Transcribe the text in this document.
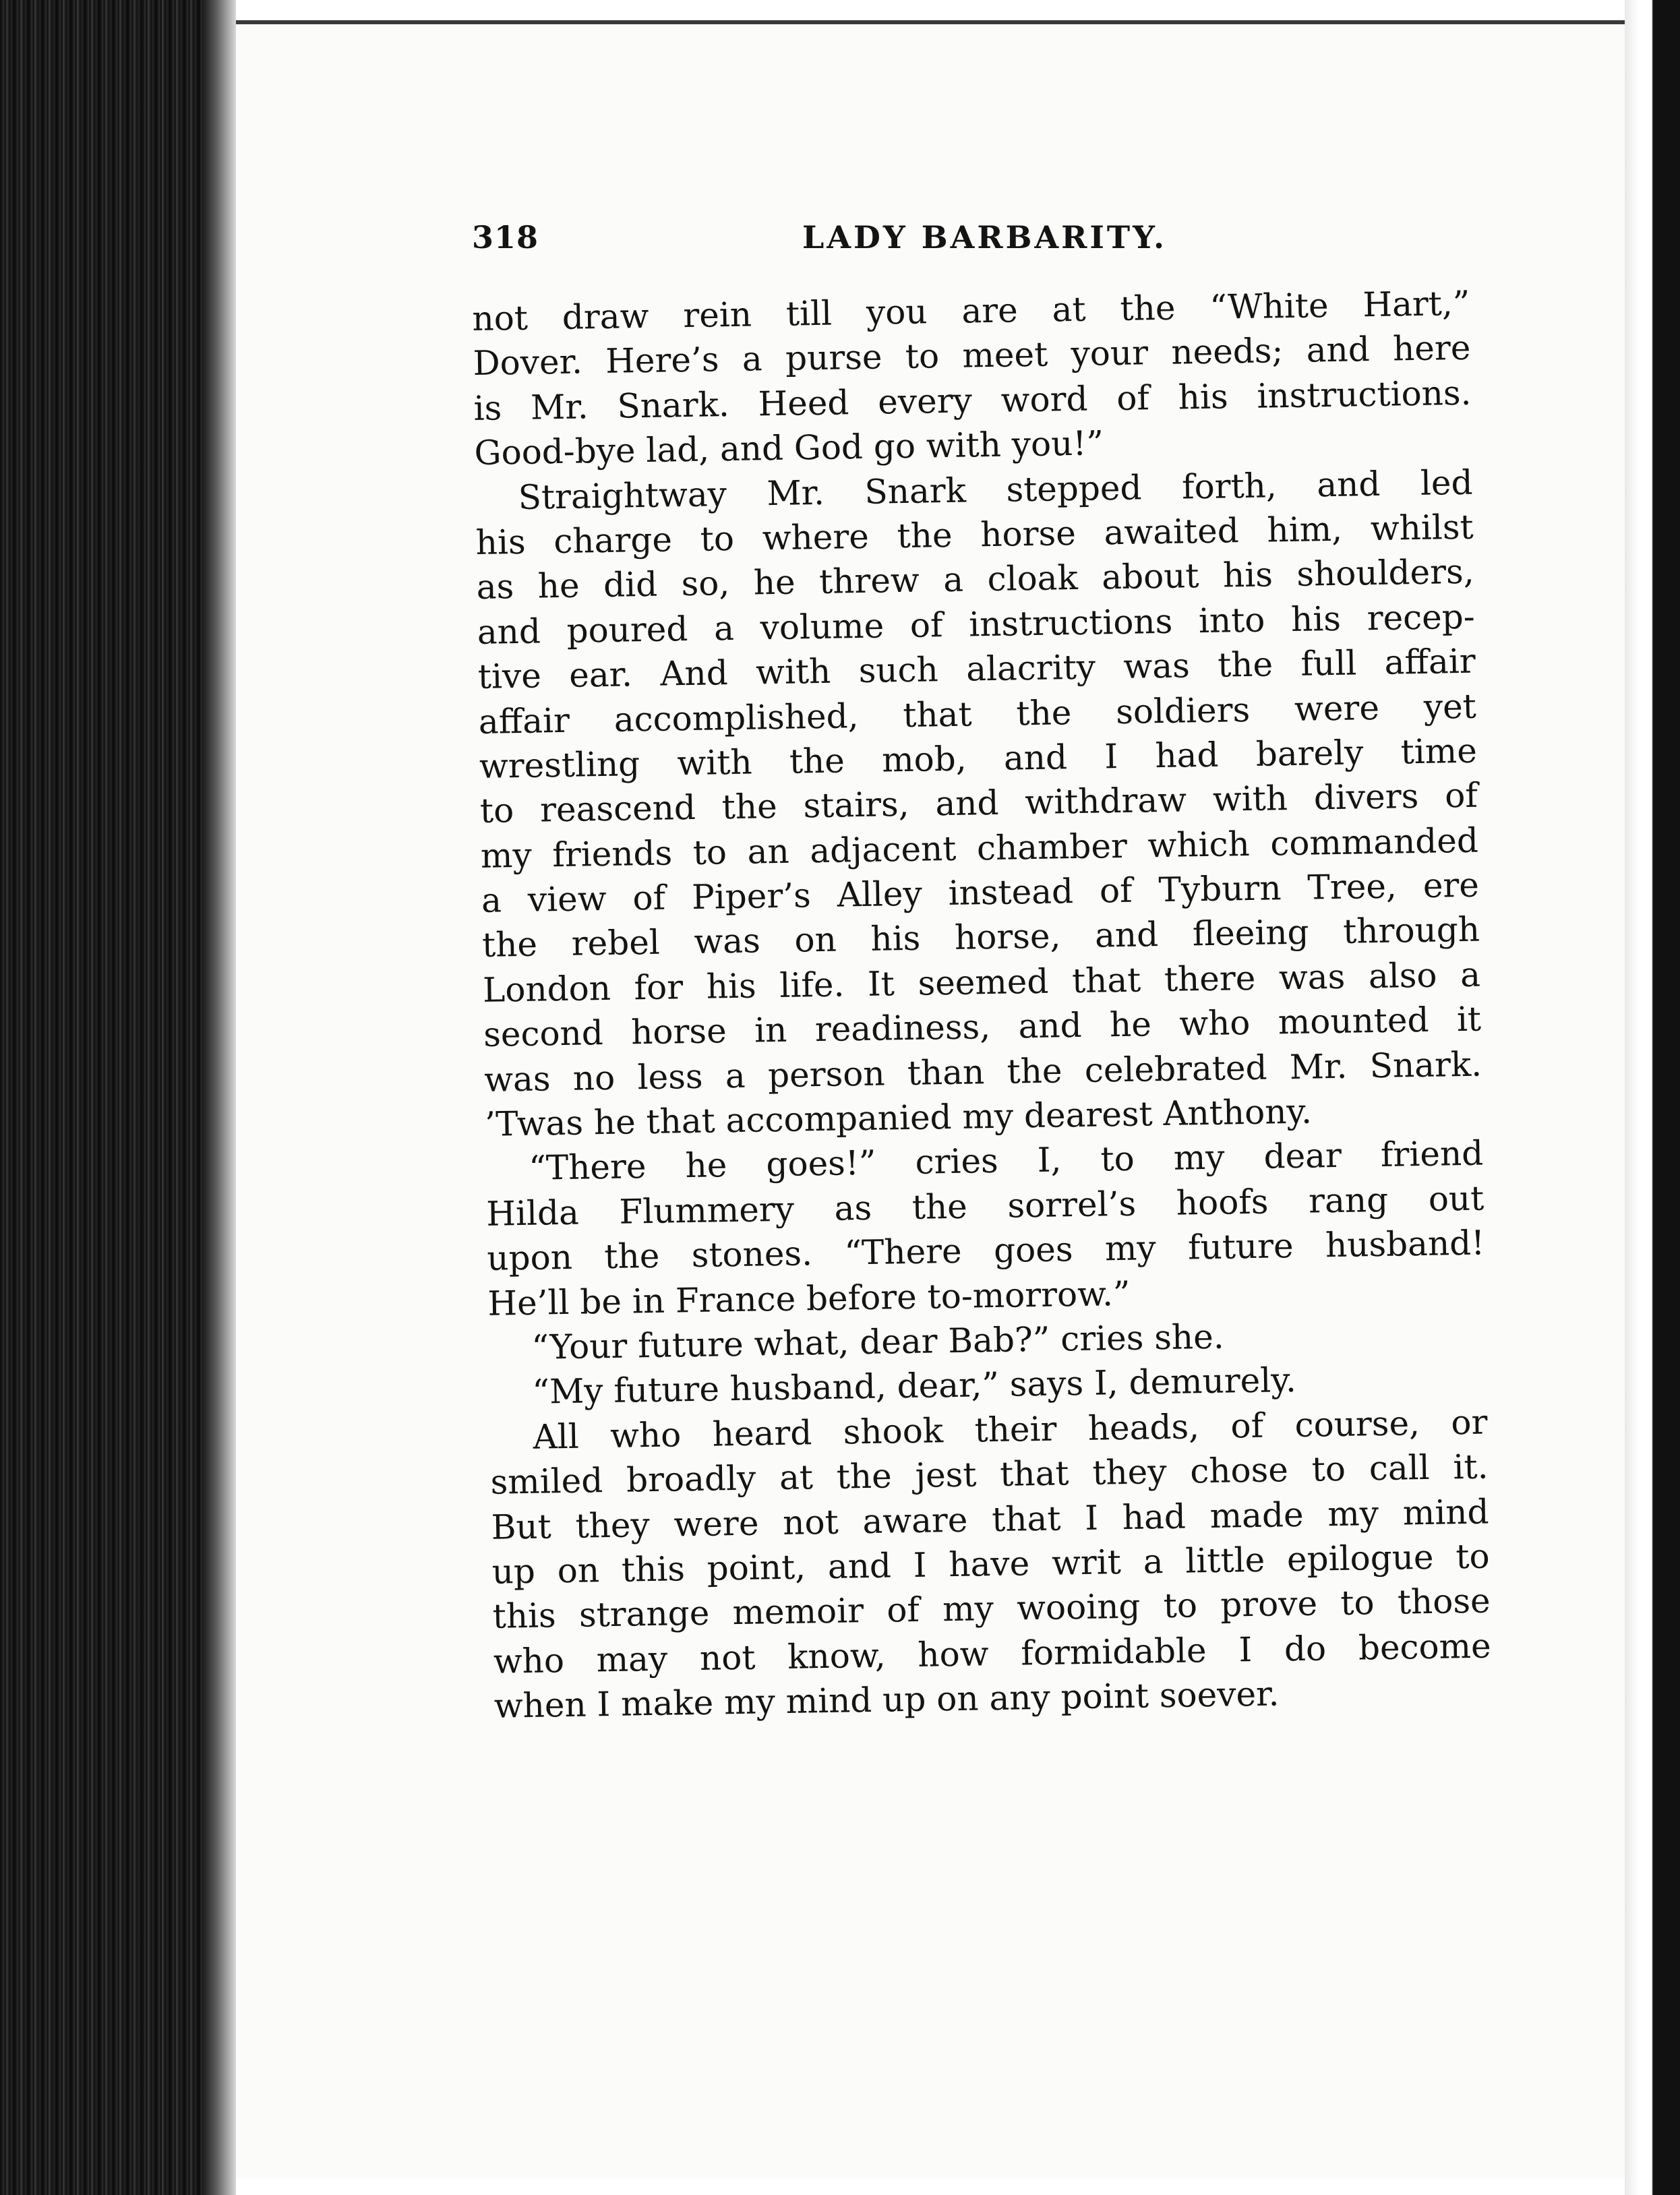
318	LADY BARBARITY.
not draw rein till you are at the “White Hart,”
Dover. Here’s a purse to meet your needs; and here
is Mr. Snark. Heed every word of his instructions.
Good-bye lad, and God go with you!”
Straightway Mr. Snark stepped forth, and led
his charge to where the horse awaited him, whilst
as he did so, he threw a cloak about his shoulders,
and poured a volume of instructions into his recep-
tive ear. And with such alacrity was the full affair
affair accomplished, that the soldiers were yet
wrestling with the mob, and I had barely time
to reascend the stairs, and withdraw with divers of
my friends to an adjacent chamber which commanded
a view of Piper’s Alley instead of Tyburn Tree, ere
the rebel was on his horse, and fleeing through
London for his life. It seemed that there was also a
second horse in readiness, and he who mounted it
was no less a person than the celebrated Mr. Snark.
’Twas he that accompanied my dearest Anthony.
“There he goes!” cries I, to my dear friend
Hilda Flummery as the sorrel’s hoofs rang out
upon the stones. “There goes my future husband!
He’ll be in France before to-morrow.”
“Your future what, dear Bab?” cries she.
“My future husband, dear,” says I, demurely.
All who heard shook their heads, of course, or
smiled broadly at the jest that they chose to call it.
But they were not aware that I had made my mind
up on this point, and I have writ a little epilogue to
this strange memoir of my wooing to prove to those
who may not know, how formidable I do become
when I make my mind up on any point soever.
